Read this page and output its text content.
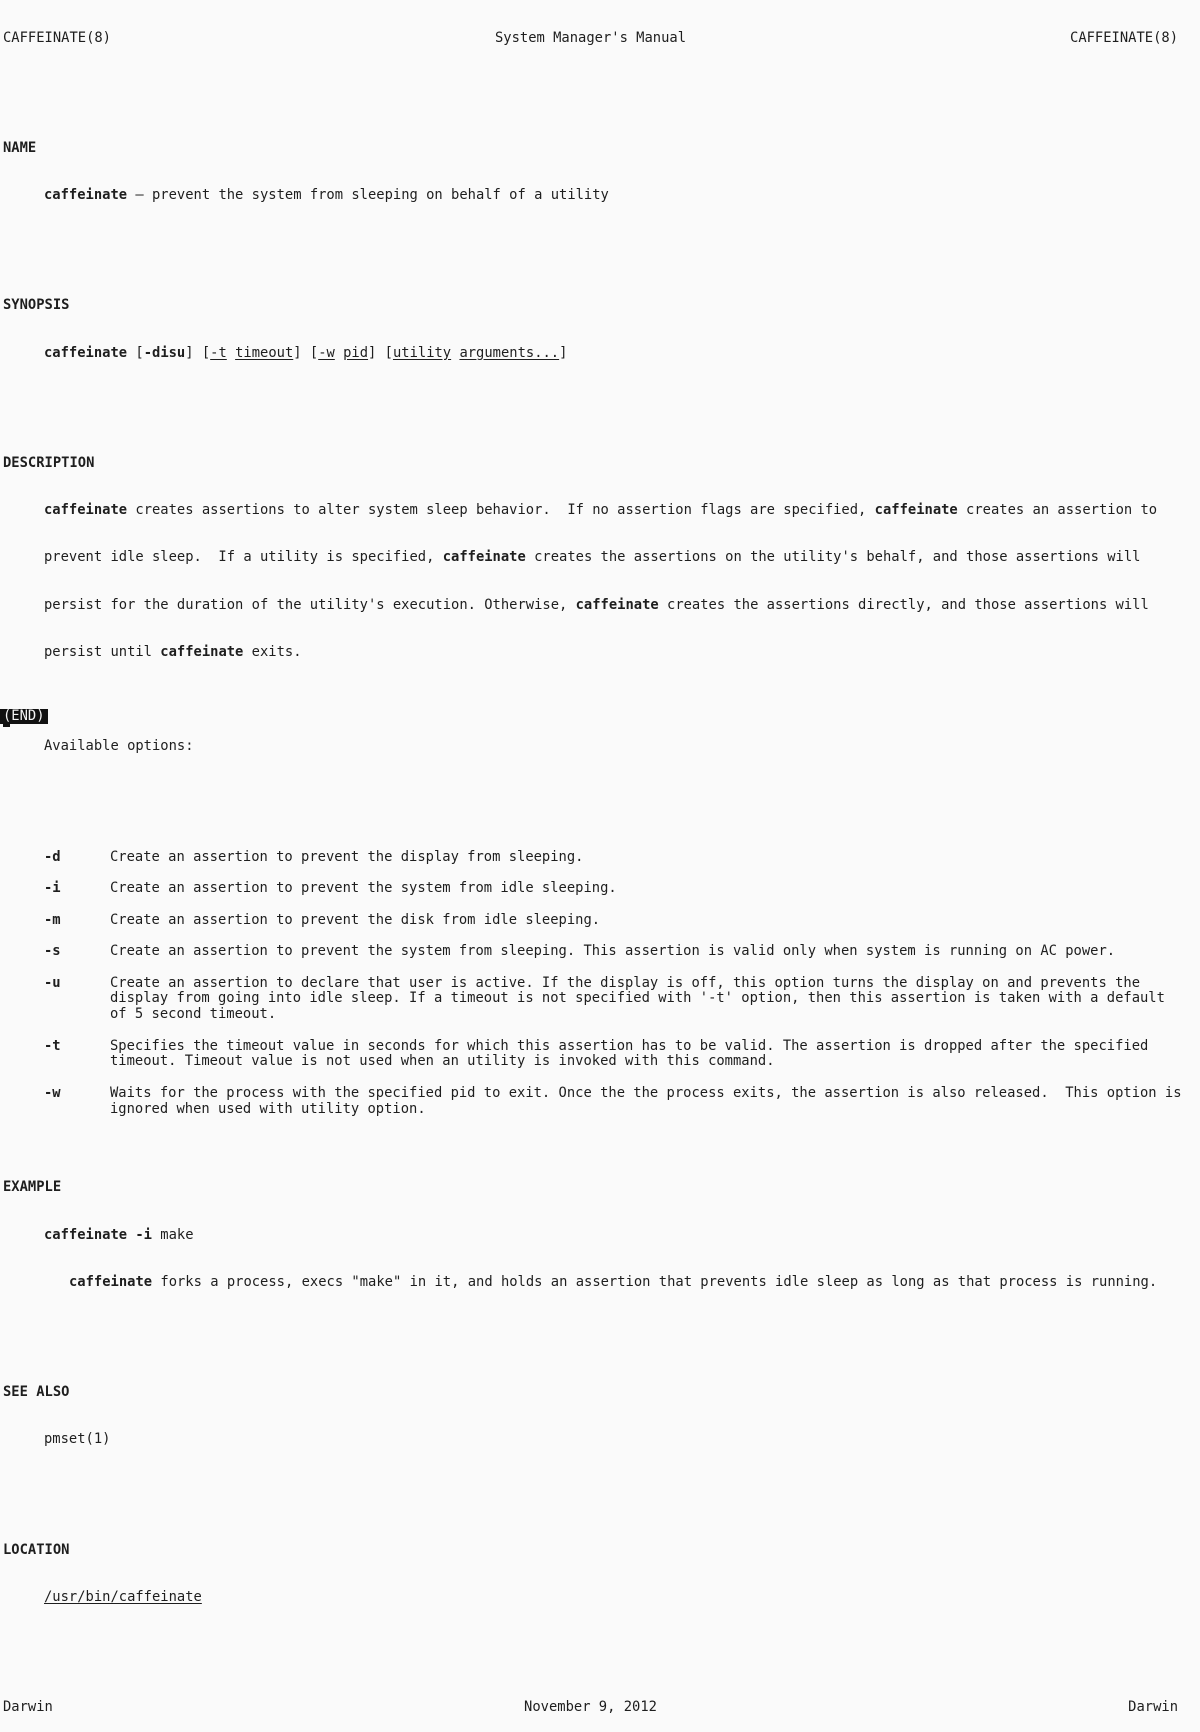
CAFFEINATE(8)	System Manager's Manual	CAFFEINATE(8)

NAME

caffeinate – prevent the system from sleeping on behalf of a utility

SYNOPSIS

caffeinate [-disu] [-t timeout] [-w pid] [utility arguments...]

DESCRIPTION

caffeinate creates assertions to alter system sleep behavior.  If no assertion flags are specified, caffeinate creates an assertion to

prevent idle sleep.  If a utility is specified, caffeinate creates the assertions on the utility's behalf, and those assertions will

persist for the duration of the utility's execution. Otherwise, caffeinate creates the assertions directly, and those assertions will

persist until caffeinate exits.

Available options:

-d	Create an assertion to prevent the display from sleeping.
-i	Create an assertion to prevent the system from idle sleeping.
-m	Create an assertion to prevent the disk from idle sleeping.
-s	Create an assertion to prevent the system from sleeping. This assertion is valid only when system is running on AC power.
-u	Create an assertion to declare that user is active. If the display is off, this option turns the display on and prevents the
display from going into idle sleep. If a timeout is not specified with '-t' option, then this assertion is taken with a default
of 5 second timeout.
-t	Specifies the timeout value in seconds for which this assertion has to be valid. The assertion is dropped after the specified
timeout. Timeout value is not used when an utility is invoked with this command.
-w	Waits for the process with the specified pid to exit. Once the the process exits, the assertion is also released.  This option is
ignored when used with utility option.

EXAMPLE

caffeinate -i make

caffeinate forks a process, execs "make" in it, and holds an assertion that prevents idle sleep as long as that process is running.

SEE ALSO

pmset(1)

LOCATION

/usr/bin/caffeinate

Darwin	November 9, 2012	Darwin

(END)
